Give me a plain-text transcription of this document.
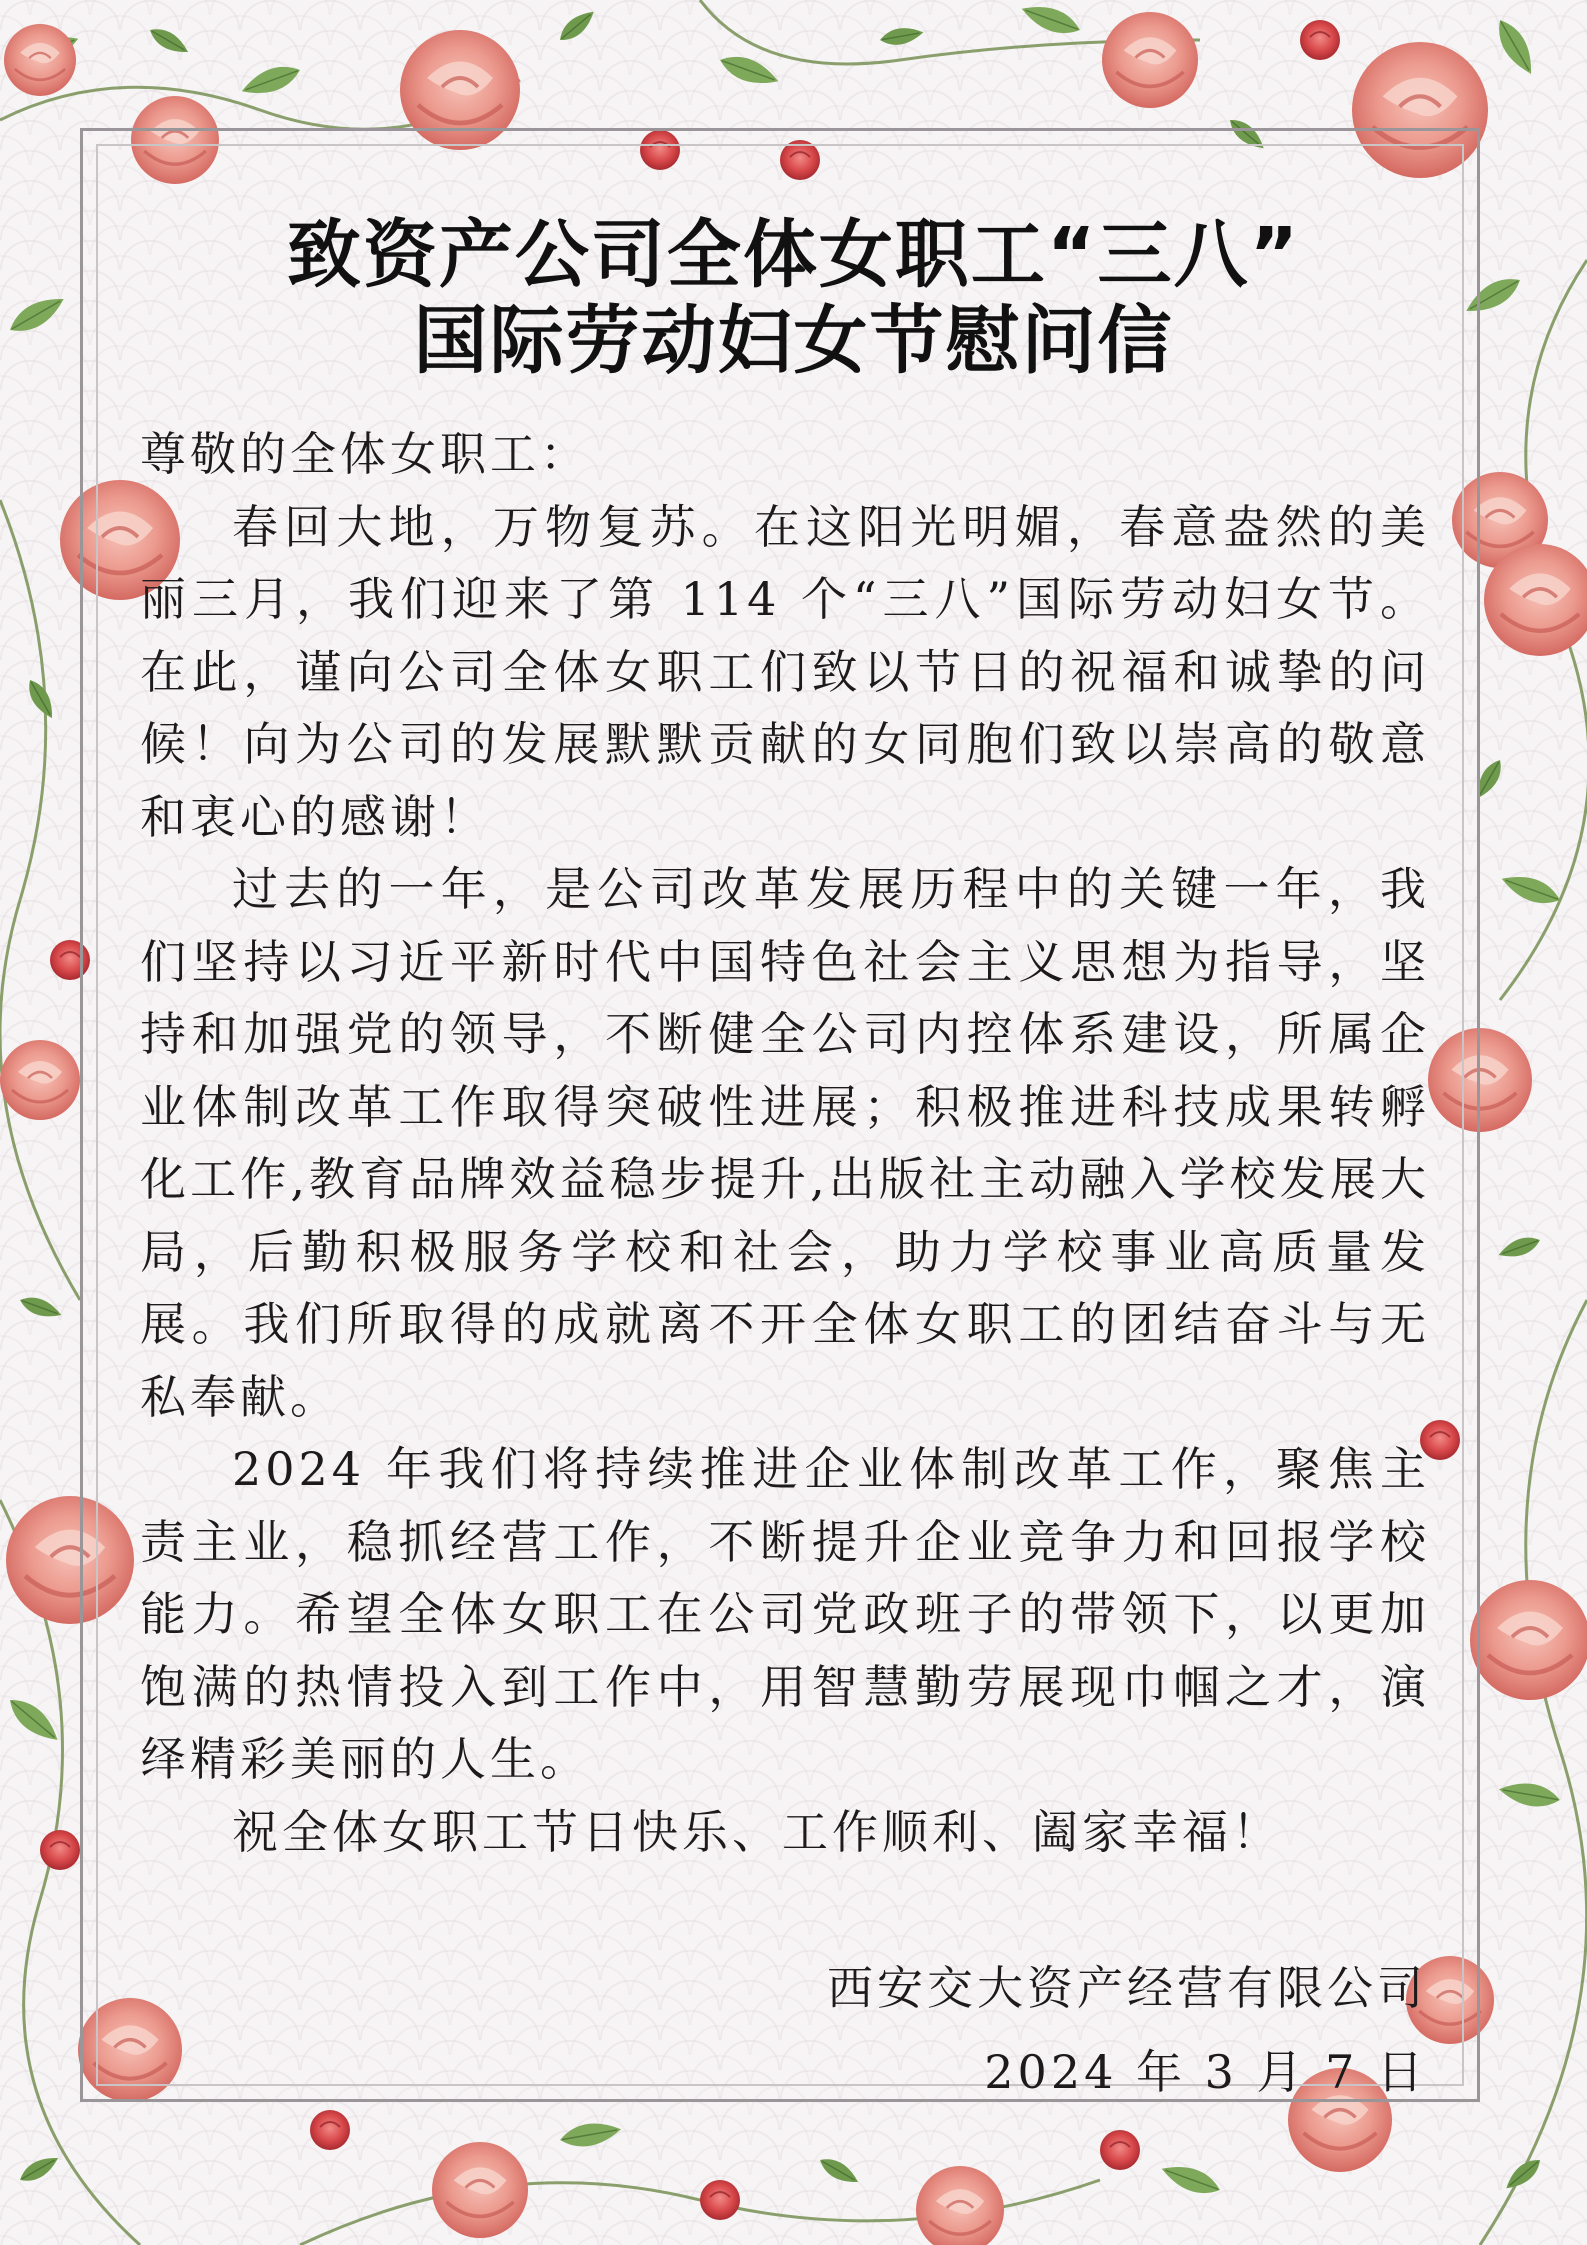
致资产公司全体女职工“三八”
国际劳动妇女节慰问信

尊敬的全体女职工：

春回大地，万物复苏。在这阳光明媚，春意盎然的美丽三月，我们迎来了第 114 个“三八”国际劳动妇女节。在此，谨向公司全体女职工们致以节日的祝福和诚挚的问候！向为公司的发展默默贡献的女同胞们致以崇高的敬意和衷心的感谢！

过去的一年，是公司改革发展历程中的关键一年，我们坚持以习近平新时代中国特色社会主义思想为指导，坚持和加强党的领导，不断健全公司内控体系建设，所属企业体制改革工作取得突破性进展；积极推进科技成果转孵化工作,教育品牌效益稳步提升,出版社主动融入学校发展大局，后勤积极服务学校和社会，助力学校事业高质量发展。我们所取得的成就离不开全体女职工的团结奋斗与无私奉献。

2024 年我们将持续推进企业体制改革工作，聚焦主责主业，稳抓经营工作，不断提升企业竞争力和回报学校能力。希望全体女职工在公司党政班子的带领下，以更加饱满的热情投入到工作中，用智慧勤劳展现巾帼之才，演绎精彩美丽的人生。

祝全体女职工节日快乐、工作顺利、阖家幸福！

西安交大资产经营有限公司
2024 年 3 月 7 日
